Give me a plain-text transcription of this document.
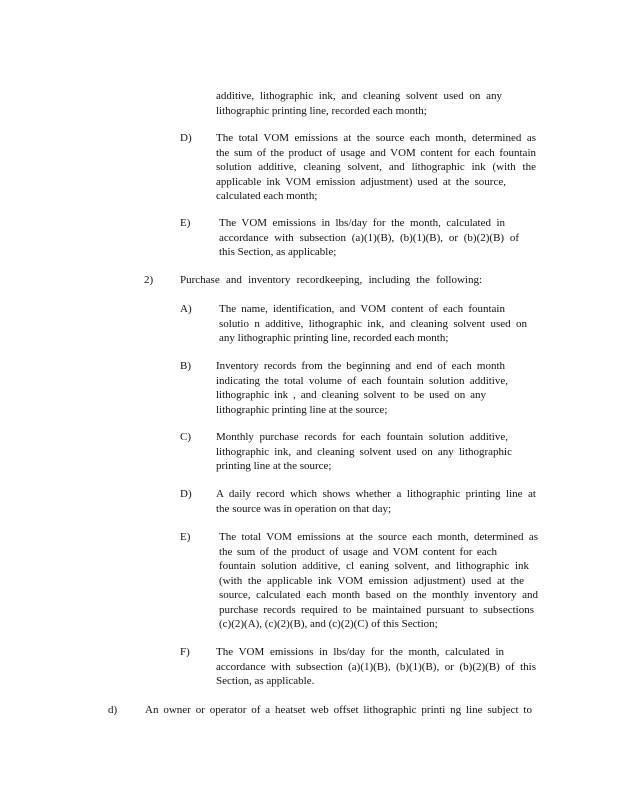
additive, lithographic ink, and cleaning solvent used on any
lithographic printing line, recorded each month;
D) The total VOM emissions at the source each month, determined as
the sum of the product of usage and VOM content for each fountain
solution additive, cleaning solvent, and lithographic ink (with the
applicable ink VOM emission adjustment) used at the source,
calculated each month;
E)	The VOM emissions in lbs/day for the month, calculated in
accordance with subsection (a)(1)(B), (b)(1)(B), or (b)(2)(B) of
this Section, as applicable;
2) Purchase and inventory recordkeeping, including the following:
A) The name, identification, and VOM content of each fountain
solutio n additive, lithographic ink, and cleaning solvent used on
any lithographic printing line, recorded each month;
B) Inventory records from the beginning and end of each month
indicating the total volume of each fountain solution additive,
lithographic ink , and cleaning solvent to be used on any
lithographic printing line at the source;
C) Monthly purchase records for each fountain solution additive,
lithographic ink, and cleaning solvent used on any lithographic
printing line at the source;
D) A daily record which shows whether a lithographic printing line at
the source was in operation on that day;
E)	The total VOM emissions at the source each month, determined as
the sum of the product of usage and VOM content for each
fountain solution additive, cl eaning solvent, and lithographic ink
(with the applicable ink VOM emission adjustment) used at the
source, calculated each month based on the monthly inventory and
purchase records required to be maintained pursuant to subsections
(c)(2)(A), (c)(2)(B), and (c)(2)(C) of this Section;
F) The VOM emissions in lbs/day for the month, calculated in
accordance with subsection (a)(1)(B), (b)(1)(B), or (b)(2)(B) of this
Section, as applicable.
d)	An owner or operator of a heatset web offset lithographic printi ng line subject to
